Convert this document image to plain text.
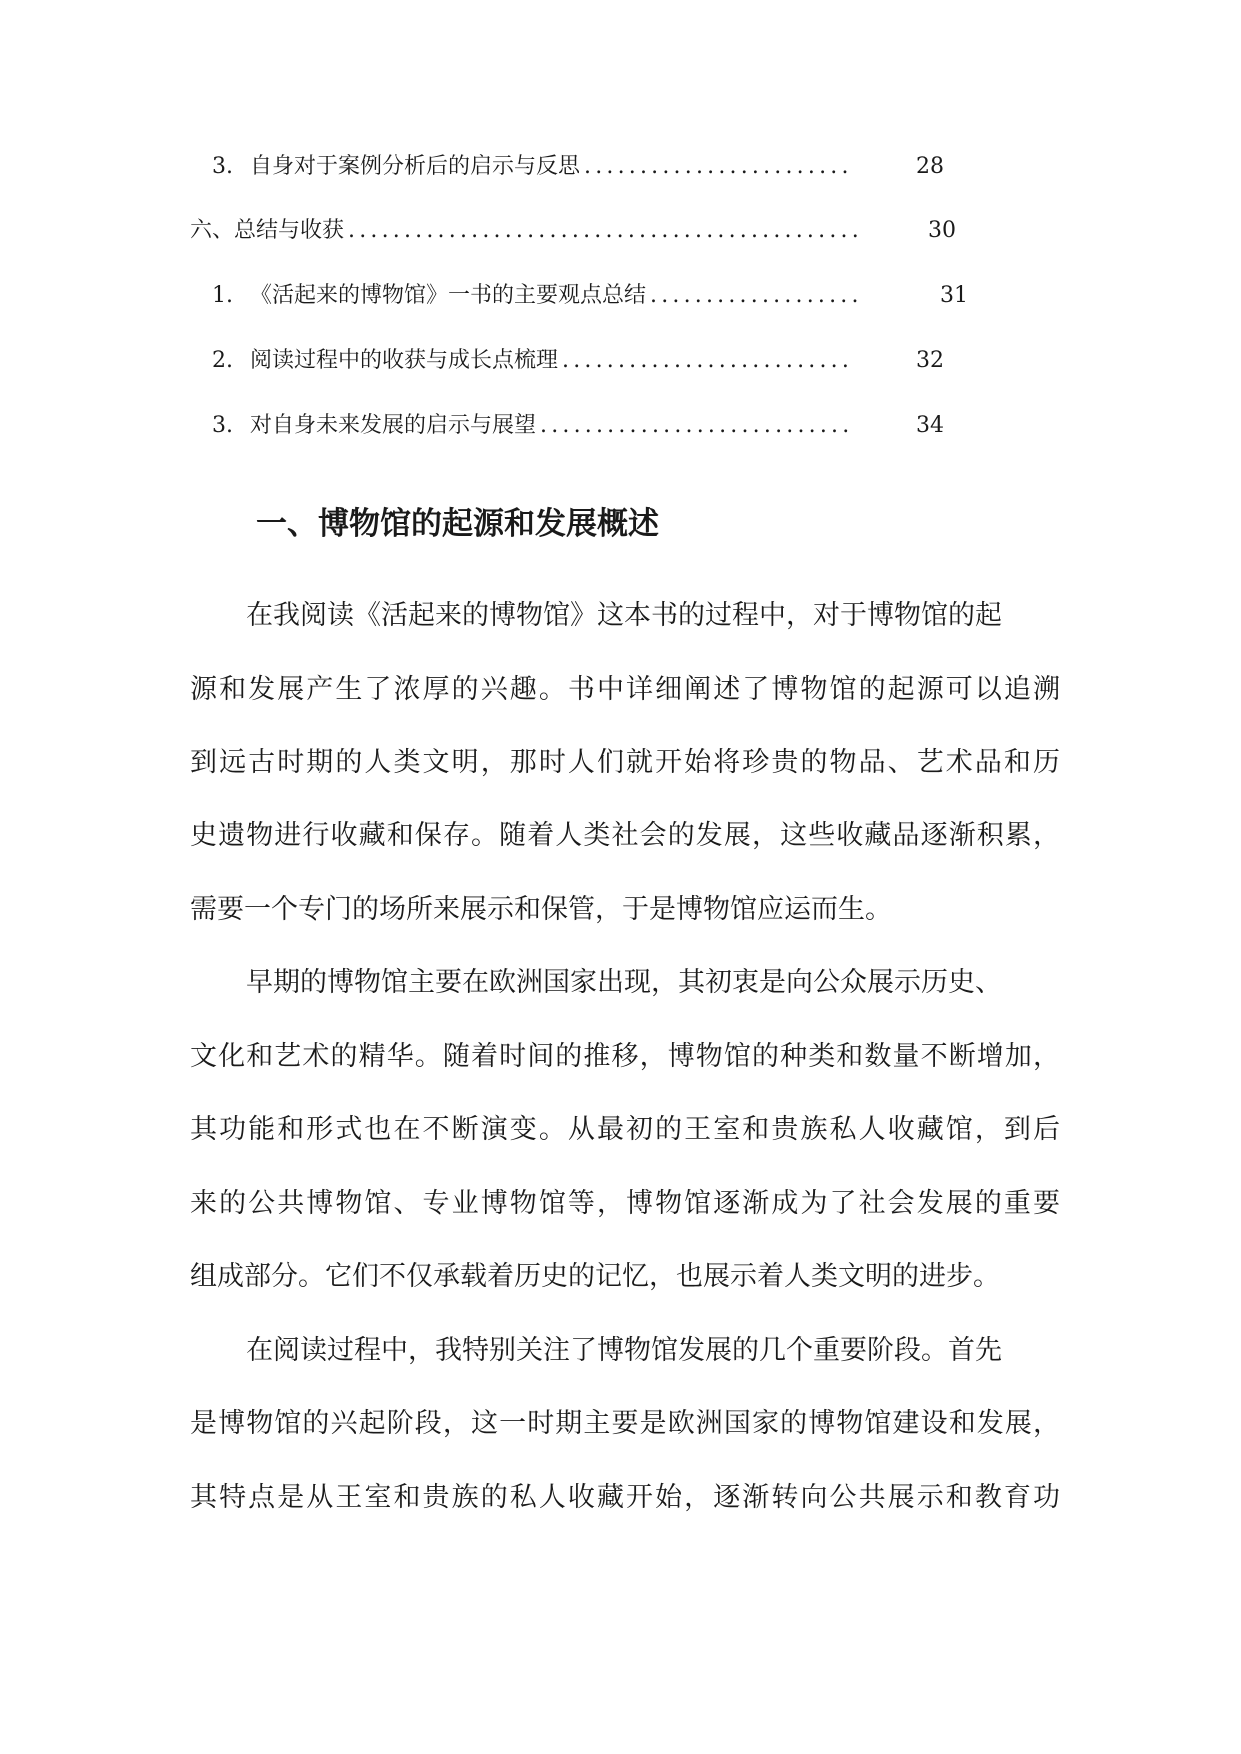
3. 自身对于案例分析后的启示与反思 ........................	28
六、总结与收获 ..............................................	30
1. 《活起来的博物馆》一书的主要观点总结 ...................	31
2. 阅读过程中的收获与成长点梳理 ..........................	32
3. 对自身未来发展的启示与展望 ............................	34
一、博物馆的起源和发展概述
在我阅读《活起来的博物馆》这本书的过程中，对于博物馆的起
源和发展产生了浓厚的兴趣。书中详细阐述了博物馆的起源可以追溯
到远古时期的人类文明，那时人们就开始将珍贵的物品、艺术品和历
史遗物进行收藏和保存。随着人类社会的发展，这些收藏品逐渐积累，
需要一个专门的场所来展示和保管，于是博物馆应运而生。
早期的博物馆主要在欧洲国家出现，其初衷是向公众展示历史、
文化和艺术的精华。随着时间的推移，博物馆的种类和数量不断增加，
其功能和形式也在不断演变。从最初的王室和贵族私人收藏馆，到后
来的公共博物馆、专业博物馆等，博物馆逐渐成为了社会发展的重要
组成部分。它们不仅承载着历史的记忆，也展示着人类文明的进步。
在阅读过程中，我特别关注了博物馆发展的几个重要阶段。首先
是博物馆的兴起阶段，这一时期主要是欧洲国家的博物馆建设和发展，
其特点是从王室和贵族的私人收藏开始，逐渐转向公共展示和教育功
